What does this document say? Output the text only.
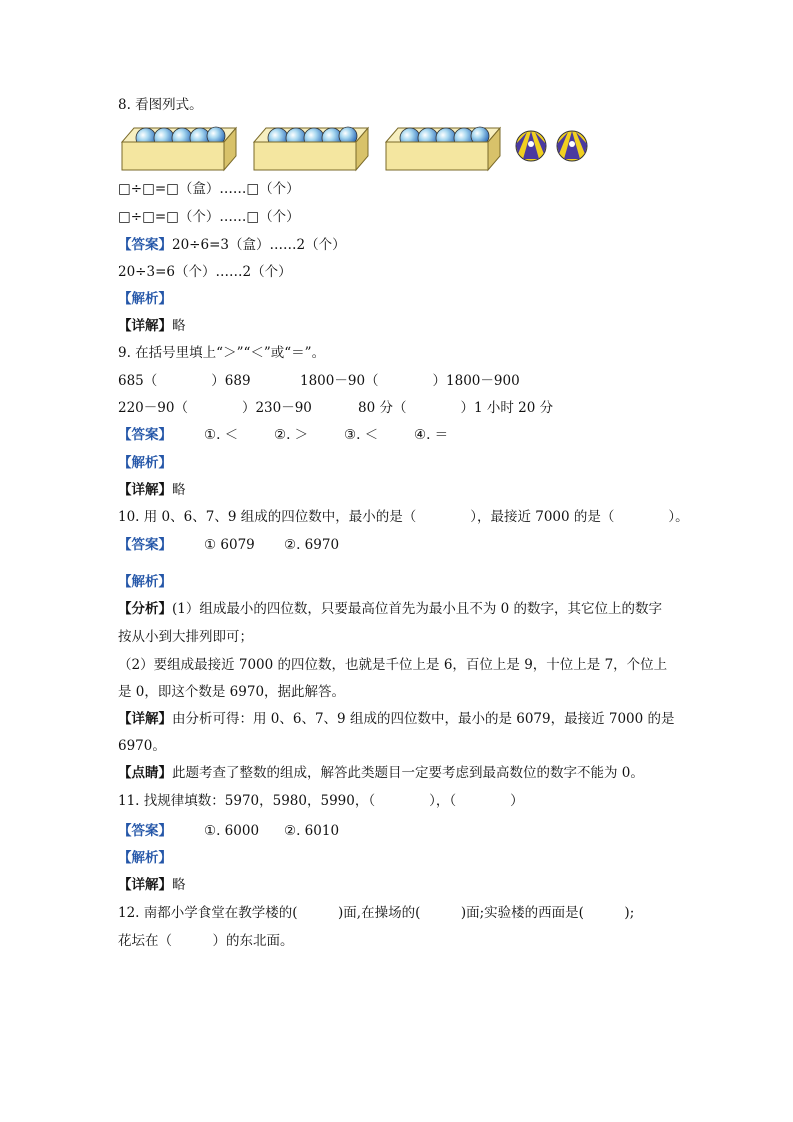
8. 看图列式。
□÷□=□（盒）……□（个）
□÷□=□（个）……□（个）
【答案】20÷6=3（盒）……2（个）
20÷3=6（个）……2（个）
【解析】
【详解】略
9. 在括号里填上“＞”“＜”或“＝”。
685（　　　　）689	1800－90（　　　　）1800－900
220－90（　　　　）230－90	80 分（　　　　）1 小时 20 分
【答案】 ①. ＜	②. ＞	③. ＜	④. ＝
【解析】
【详解】略
10. 用 0、6、7、9 组成的四位数中，最小的是（　　　　），最接近 7000 的是（　　　　）。
【答案】 ① 6079 ②. 6970
【解析】
【分析】(1）组成最小的四位数，只要最高位首先为最小且不为 0 的数字，其它位上的数字
按从小到大排列即可；
（2）要组成最接近 7000 的四位数，也就是千位上是 6，百位上是 9，十位上是 7，个位上
是 0，即这个数是 6970，据此解答。
【详解】由分析可得：用 0、6、7、9 组成的四位数中，最小的是 6079，最接近 7000 的是
6970。
【点睛】此题考查了整数的组成，解答此类题目一定要考虑到最高数位的数字不能为 0。
11. 找规律填数：5970，5980，5990，（　　　　），（　　　　）
【答案】 ①. 6000 ②. 6010
【解析】
【详解】略
12. 南都小学食堂在教学楼的(　　　)面,在操场的(　　　)面;实验楼的西面是(　　　);
花坛在（　　　）的东北面。
